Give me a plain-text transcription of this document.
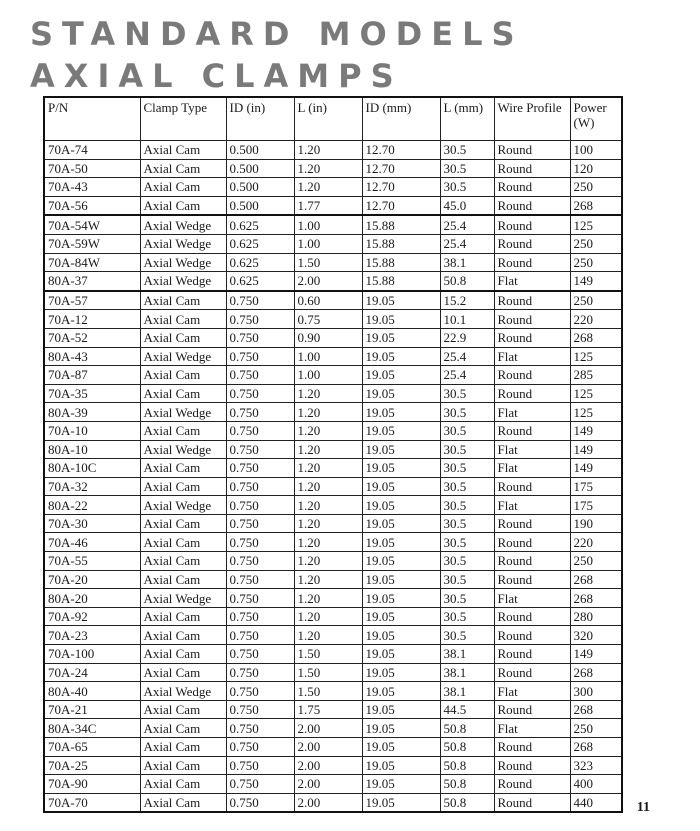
STANDARD MODELS
AXIAL CLAMPS
P/N	Clamp Type	ID (in)	L (in)	ID (mm)	L (mm)	Wire Profile	Power (W)
70A-74	Axial Cam	0.500	1.20	12.70	30.5	Round	100
70A-50	Axial Cam	0.500	1.20	12.70	30.5	Round	120
70A-43	Axial Cam	0.500	1.20	12.70	30.5	Round	250
70A-56	Axial Cam	0.500	1.77	12.70	45.0	Round	268
70A-54W	Axial Wedge	0.625	1.00	15.88	25.4	Round	125
70A-59W	Axial Wedge	0.625	1.00	15.88	25.4	Round	250
70A-84W	Axial Wedge	0.625	1.50	15.88	38.1	Round	250
80A-37	Axial Wedge	0.625	2.00	15.88	50.8	Flat	149
70A-57	Axial Cam	0.750	0.60	19.05	15.2	Round	250
70A-12	Axial Cam	0.750	0.75	19.05	10.1	Round	220
70A-52	Axial Cam	0.750	0.90	19.05	22.9	Round	268
80A-43	Axial Wedge	0.750	1.00	19.05	25.4	Flat	125
70A-87	Axial Cam	0.750	1.00	19.05	25.4	Round	285
70A-35	Axial Cam	0.750	1.20	19.05	30.5	Round	125
80A-39	Axial Wedge	0.750	1.20	19.05	30.5	Flat	125
70A-10	Axial Cam	0.750	1.20	19.05	30.5	Round	149
80A-10	Axial Wedge	0.750	1.20	19.05	30.5	Flat	149
80A-10C	Axial Cam	0.750	1.20	19.05	30.5	Flat	149
70A-32	Axial Cam	0.750	1.20	19.05	30.5	Round	175
80A-22	Axial Wedge	0.750	1.20	19.05	30.5	Flat	175
70A-30	Axial Cam	0.750	1.20	19.05	30.5	Round	190
70A-46	Axial Cam	0.750	1.20	19.05	30.5	Round	220
70A-55	Axial Cam	0.750	1.20	19.05	30.5	Round	250
70A-20	Axial Cam	0.750	1.20	19.05	30.5	Round	268
80A-20	Axial Wedge	0.750	1.20	19.05	30.5	Flat	268
70A-92	Axial Cam	0.750	1.20	19.05	30.5	Round	280
70A-23	Axial Cam	0.750	1.20	19.05	30.5	Round	320
70A-100	Axial Cam	0.750	1.50	19.05	38.1	Round	149
70A-24	Axial Cam	0.750	1.50	19.05	38.1	Round	268
80A-40	Axial Wedge	0.750	1.50	19.05	38.1	Flat	300
70A-21	Axial Cam	0.750	1.75	19.05	44.5	Round	268
80A-34C	Axial Cam	0.750	2.00	19.05	50.8	Flat	250
70A-65	Axial Cam	0.750	2.00	19.05	50.8	Round	268
70A-25	Axial Cam	0.750	2.00	19.05	50.8	Round	323
70A-90	Axial Cam	0.750	2.00	19.05	50.8	Round	400
70A-70	Axial Cam	0.750	2.00	19.05	50.8	Round	440	11
